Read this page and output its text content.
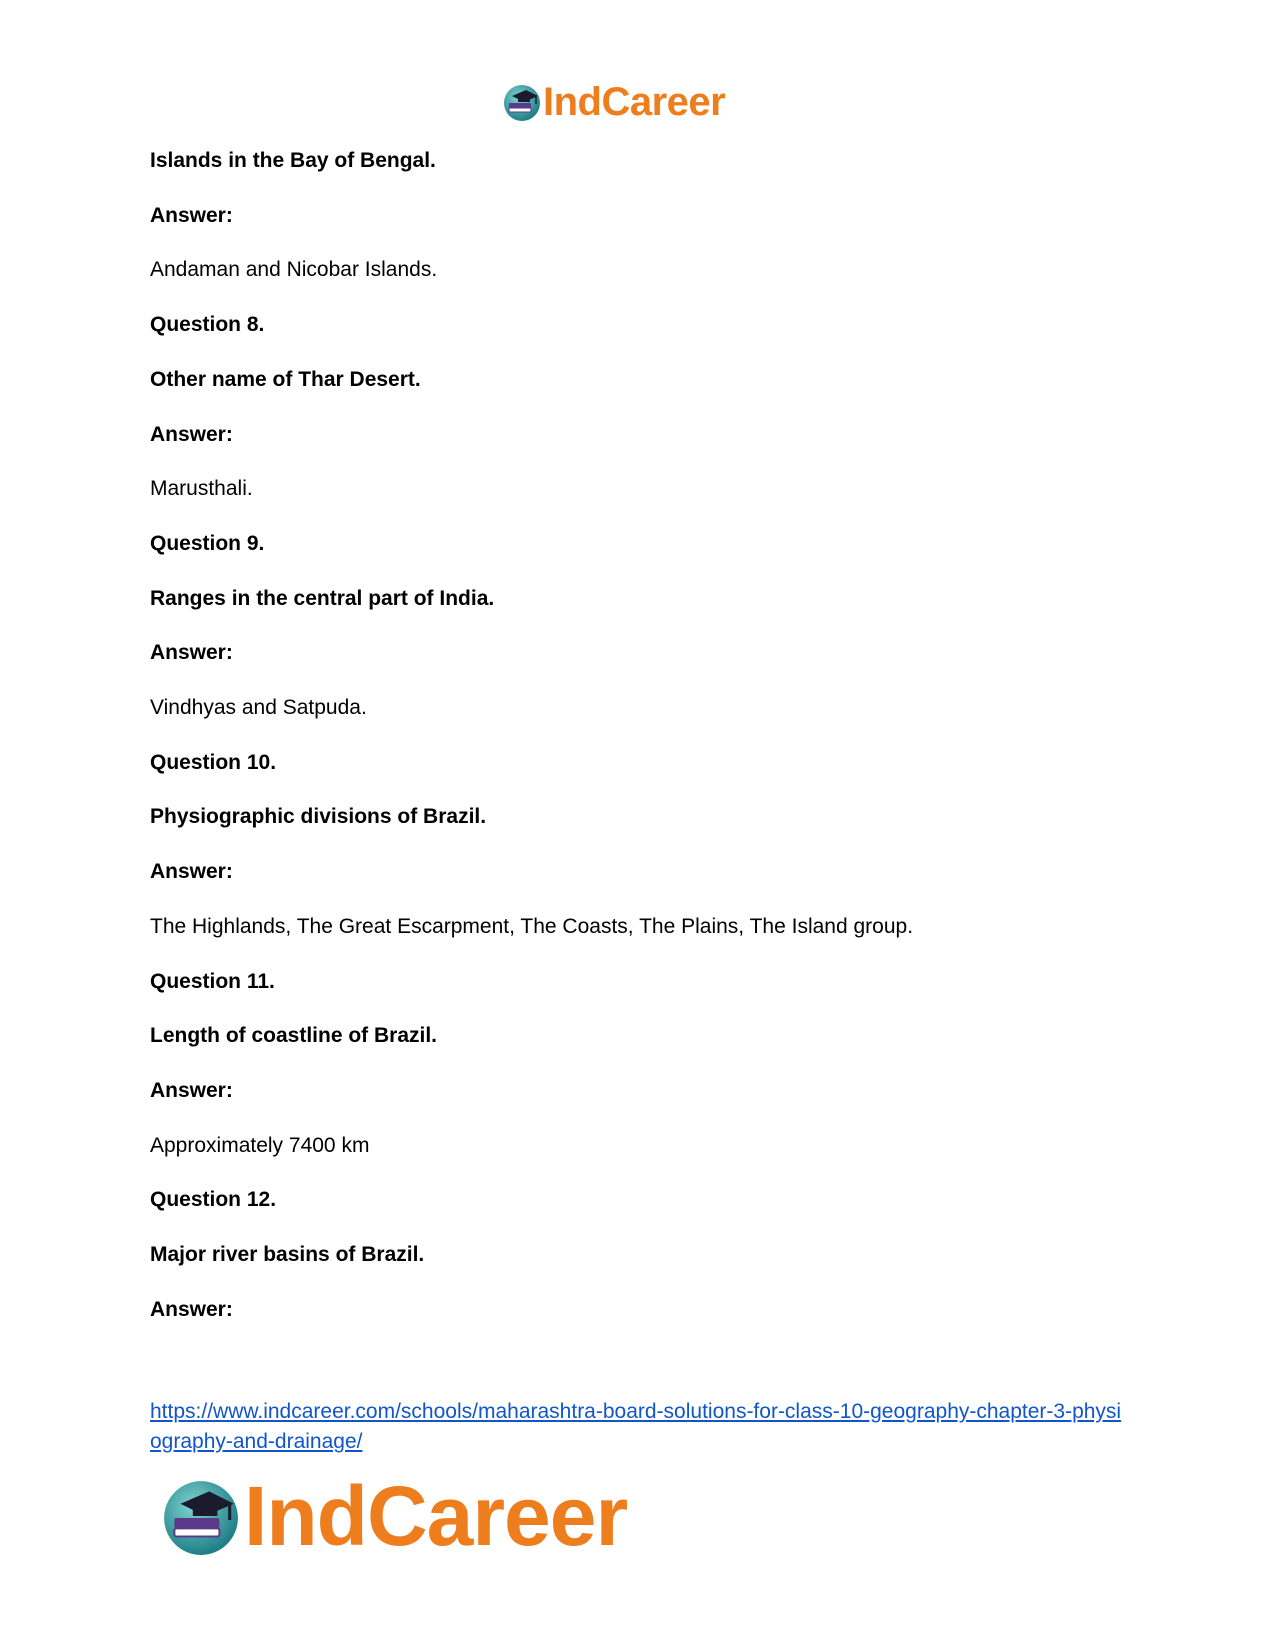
IndCareer
Islands in the Bay of Bengal.
Answer:
Andaman and Nicobar Islands.
Question 8.
Other name of Thar Desert.
Answer:
Marusthali.
Question 9.
Ranges in the central part of India.
Answer:
Vindhyas and Satpuda.
Question 10.
Physiographic divisions of Brazil.
Answer:
The Highlands, The Great Escarpment, The Coasts, The Plains, The Island group.
Question 11.
Length of coastline of Brazil.
Answer:
Approximately 7400 km
Question 12.
Major river basins of Brazil.
Answer:
https://www.indcareer.com/schools/maharashtra-board-solutions-for-class-10-geography-chapter-3-physiography-and-drainage/
IndCareer
